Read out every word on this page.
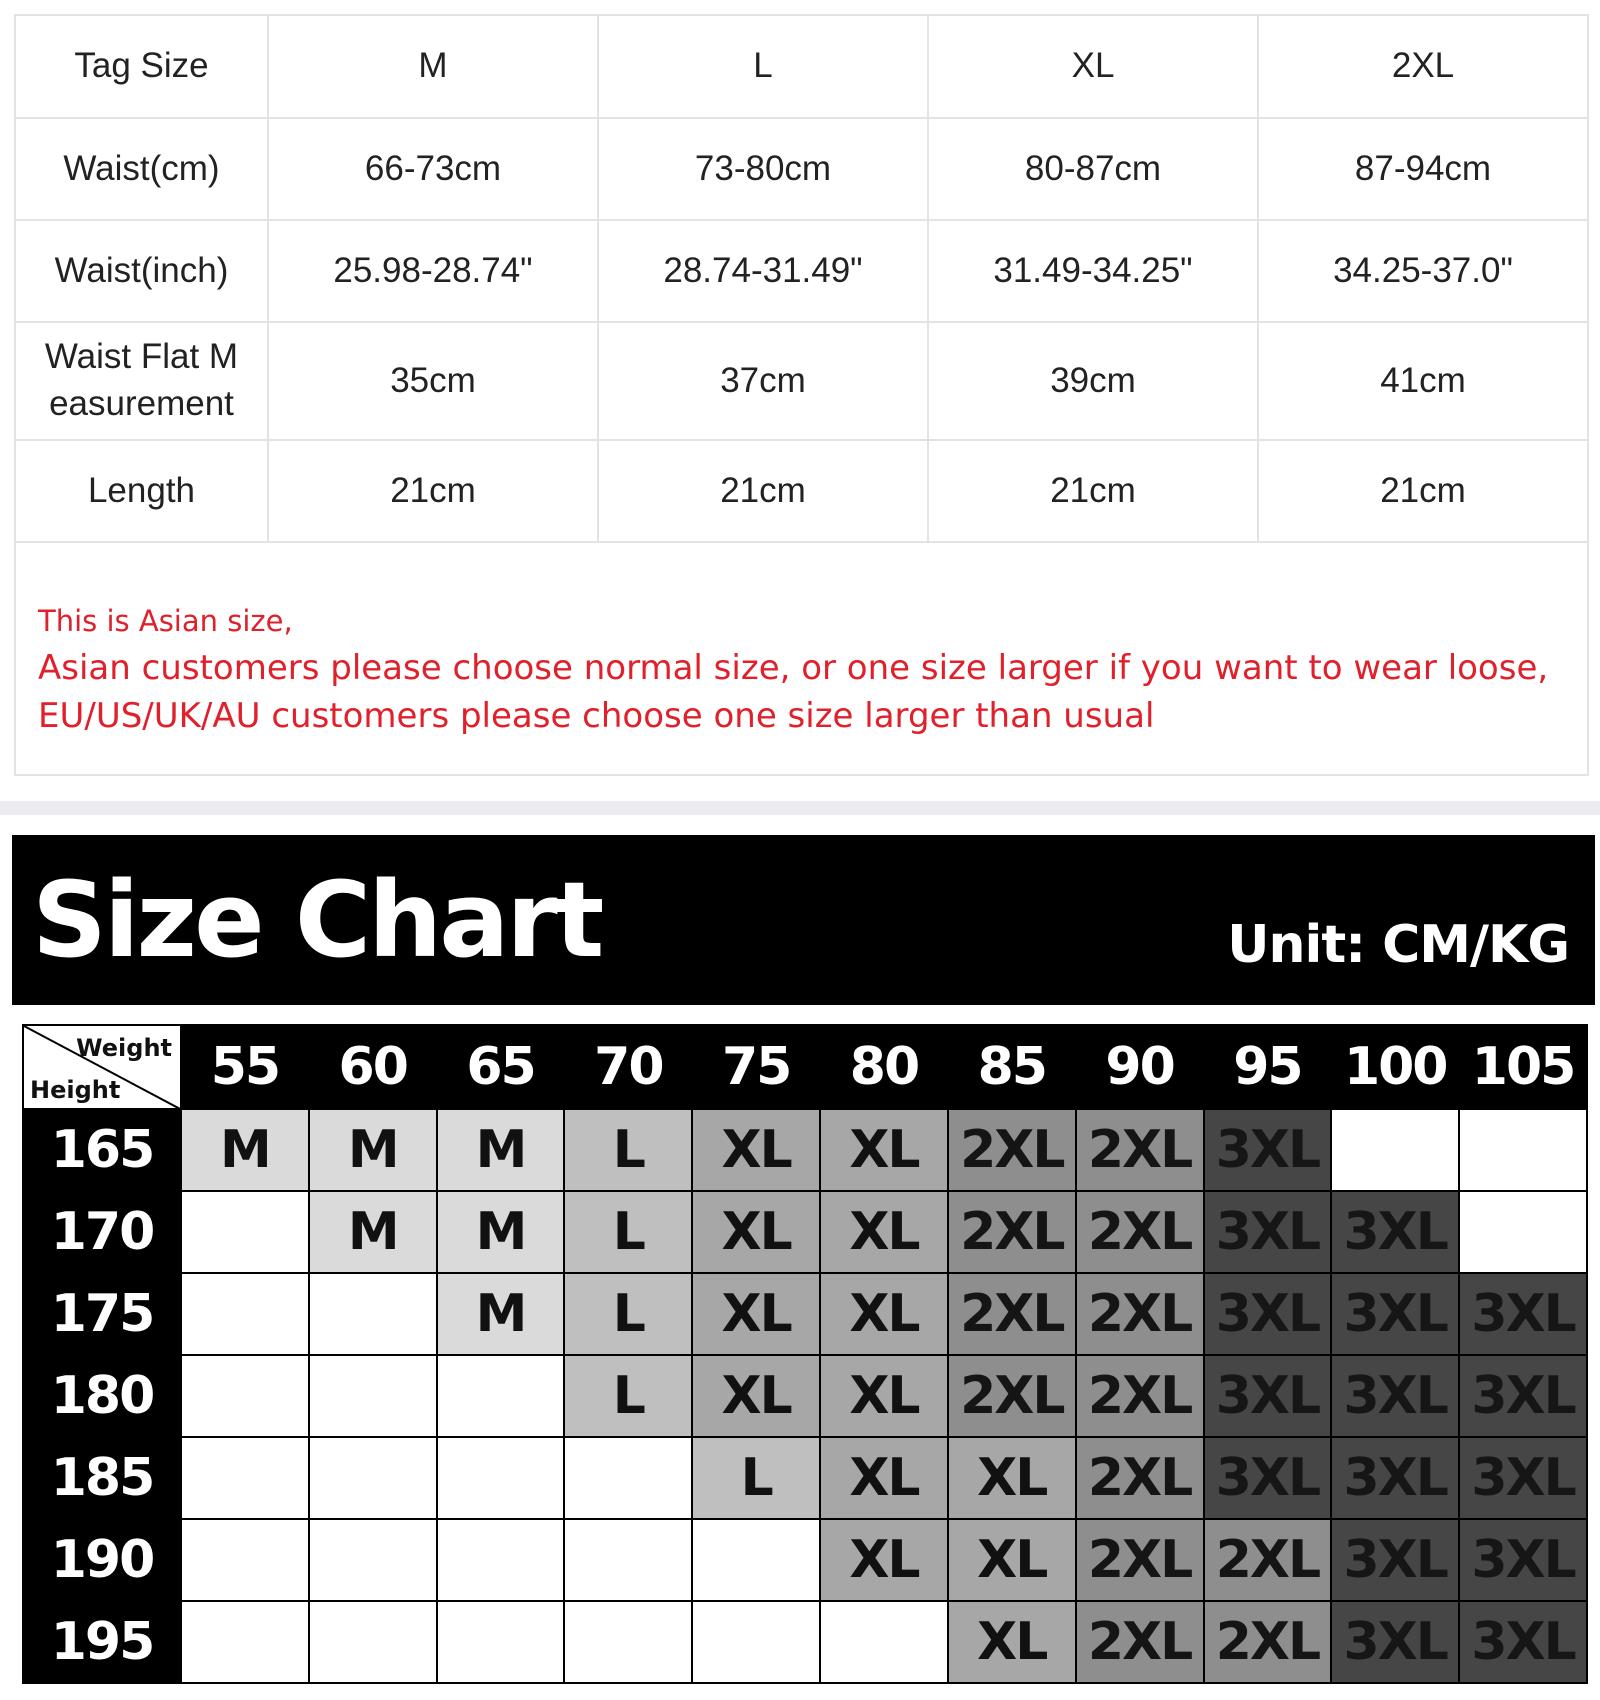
Tag Size	M	L	XL	2XL
Waist(cm)	66-73cm	73-80cm	80-87cm	87-94cm
Waist(inch)	25.98-28.74"	28.74-31.49"	31.49-34.25"	34.25-37.0"
Waist Flat M easurement	35cm	37cm	39cm	41cm
Length	21cm	21cm	21cm	21cm
This is Asian size,
Asian customers please choose normal size, or one size larger if you want to wear loose,
EU/US/UK/AU customers please choose one size larger than usual
Size Chart	Unit: CM/KG
Weight
Height	55	60	65	70	75	80	85	90	95	100	105
165	M	M	M	L	XL	XL	2XL	2XL	3XL		
170		M	M	L	XL	XL	2XL	2XL	3XL	3XL	
175			M	L	XL	XL	2XL	2XL	3XL	3XL	3XL
180				L	XL	XL	2XL	2XL	3XL	3XL	3XL
185					L	XL	XL	2XL	3XL	3XL	3XL
190						XL	XL	2XL	2XL	3XL	3XL
195							XL	2XL	2XL	3XL	3XL
